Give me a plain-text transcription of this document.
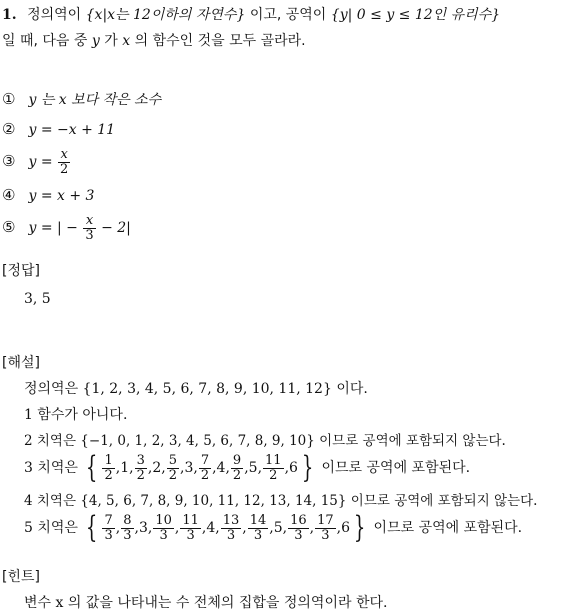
1. 정의역이 {x|x는 12이하의 자연수} 이고, 공역이 {y| 0 ≤ y ≤ 12인 유리수}
일 때, 다음 중 y 가 x 의 함수인 것을 모두 골라라.
① y 는 x 보다 작은 소수
② y = −x + 11
③ $y = \frac{x}{2}$
④ y = x + 3
⑤ y = | − $\frac{x}{3} - 2|$
[정답]
3, 5
[해설]
정의역은 {1, 2, 3, 4, 5, 6, 7, 8, 9, 10, 11, 12} 이다.
1 함수가 아니다.
2 치역은 {−1, 0, 1, 2, 3, 4, 5, 6, 7, 8, 9, 10} 이므로 공역에 포함되지 않는다.
3 치역은 { $\frac{1}{2} ,1$, $\frac{3}{2} ,2$, $\frac{5}{2} ,3$, $\frac{7}{2} ,4$, $\frac{9}{2} ,5$, $\frac{11}{2} ,6$ } 이므로 공역에 포함된다.
4 치역은 {4, 5, 6, 7, 8, 9, 10, 11, 12, 13, 14, 15} 이므로 공역에 포함되지 않는다.
5 치역은 { $\frac{7}{3}$ , $\frac{8}{3} ,3$, $\frac{10}{3}$ , $\frac{11}{3} ,4$, $\frac{13}{3}$ , $\frac{14}{3} ,5$, $\frac{16}{3}$ , $\frac{17}{3} ,6$ } 이므로 공역에 포함된다.
[힌트]
변수 x 의 값을 나타내는 수 전체의 집합을 정의역이라 한다.
